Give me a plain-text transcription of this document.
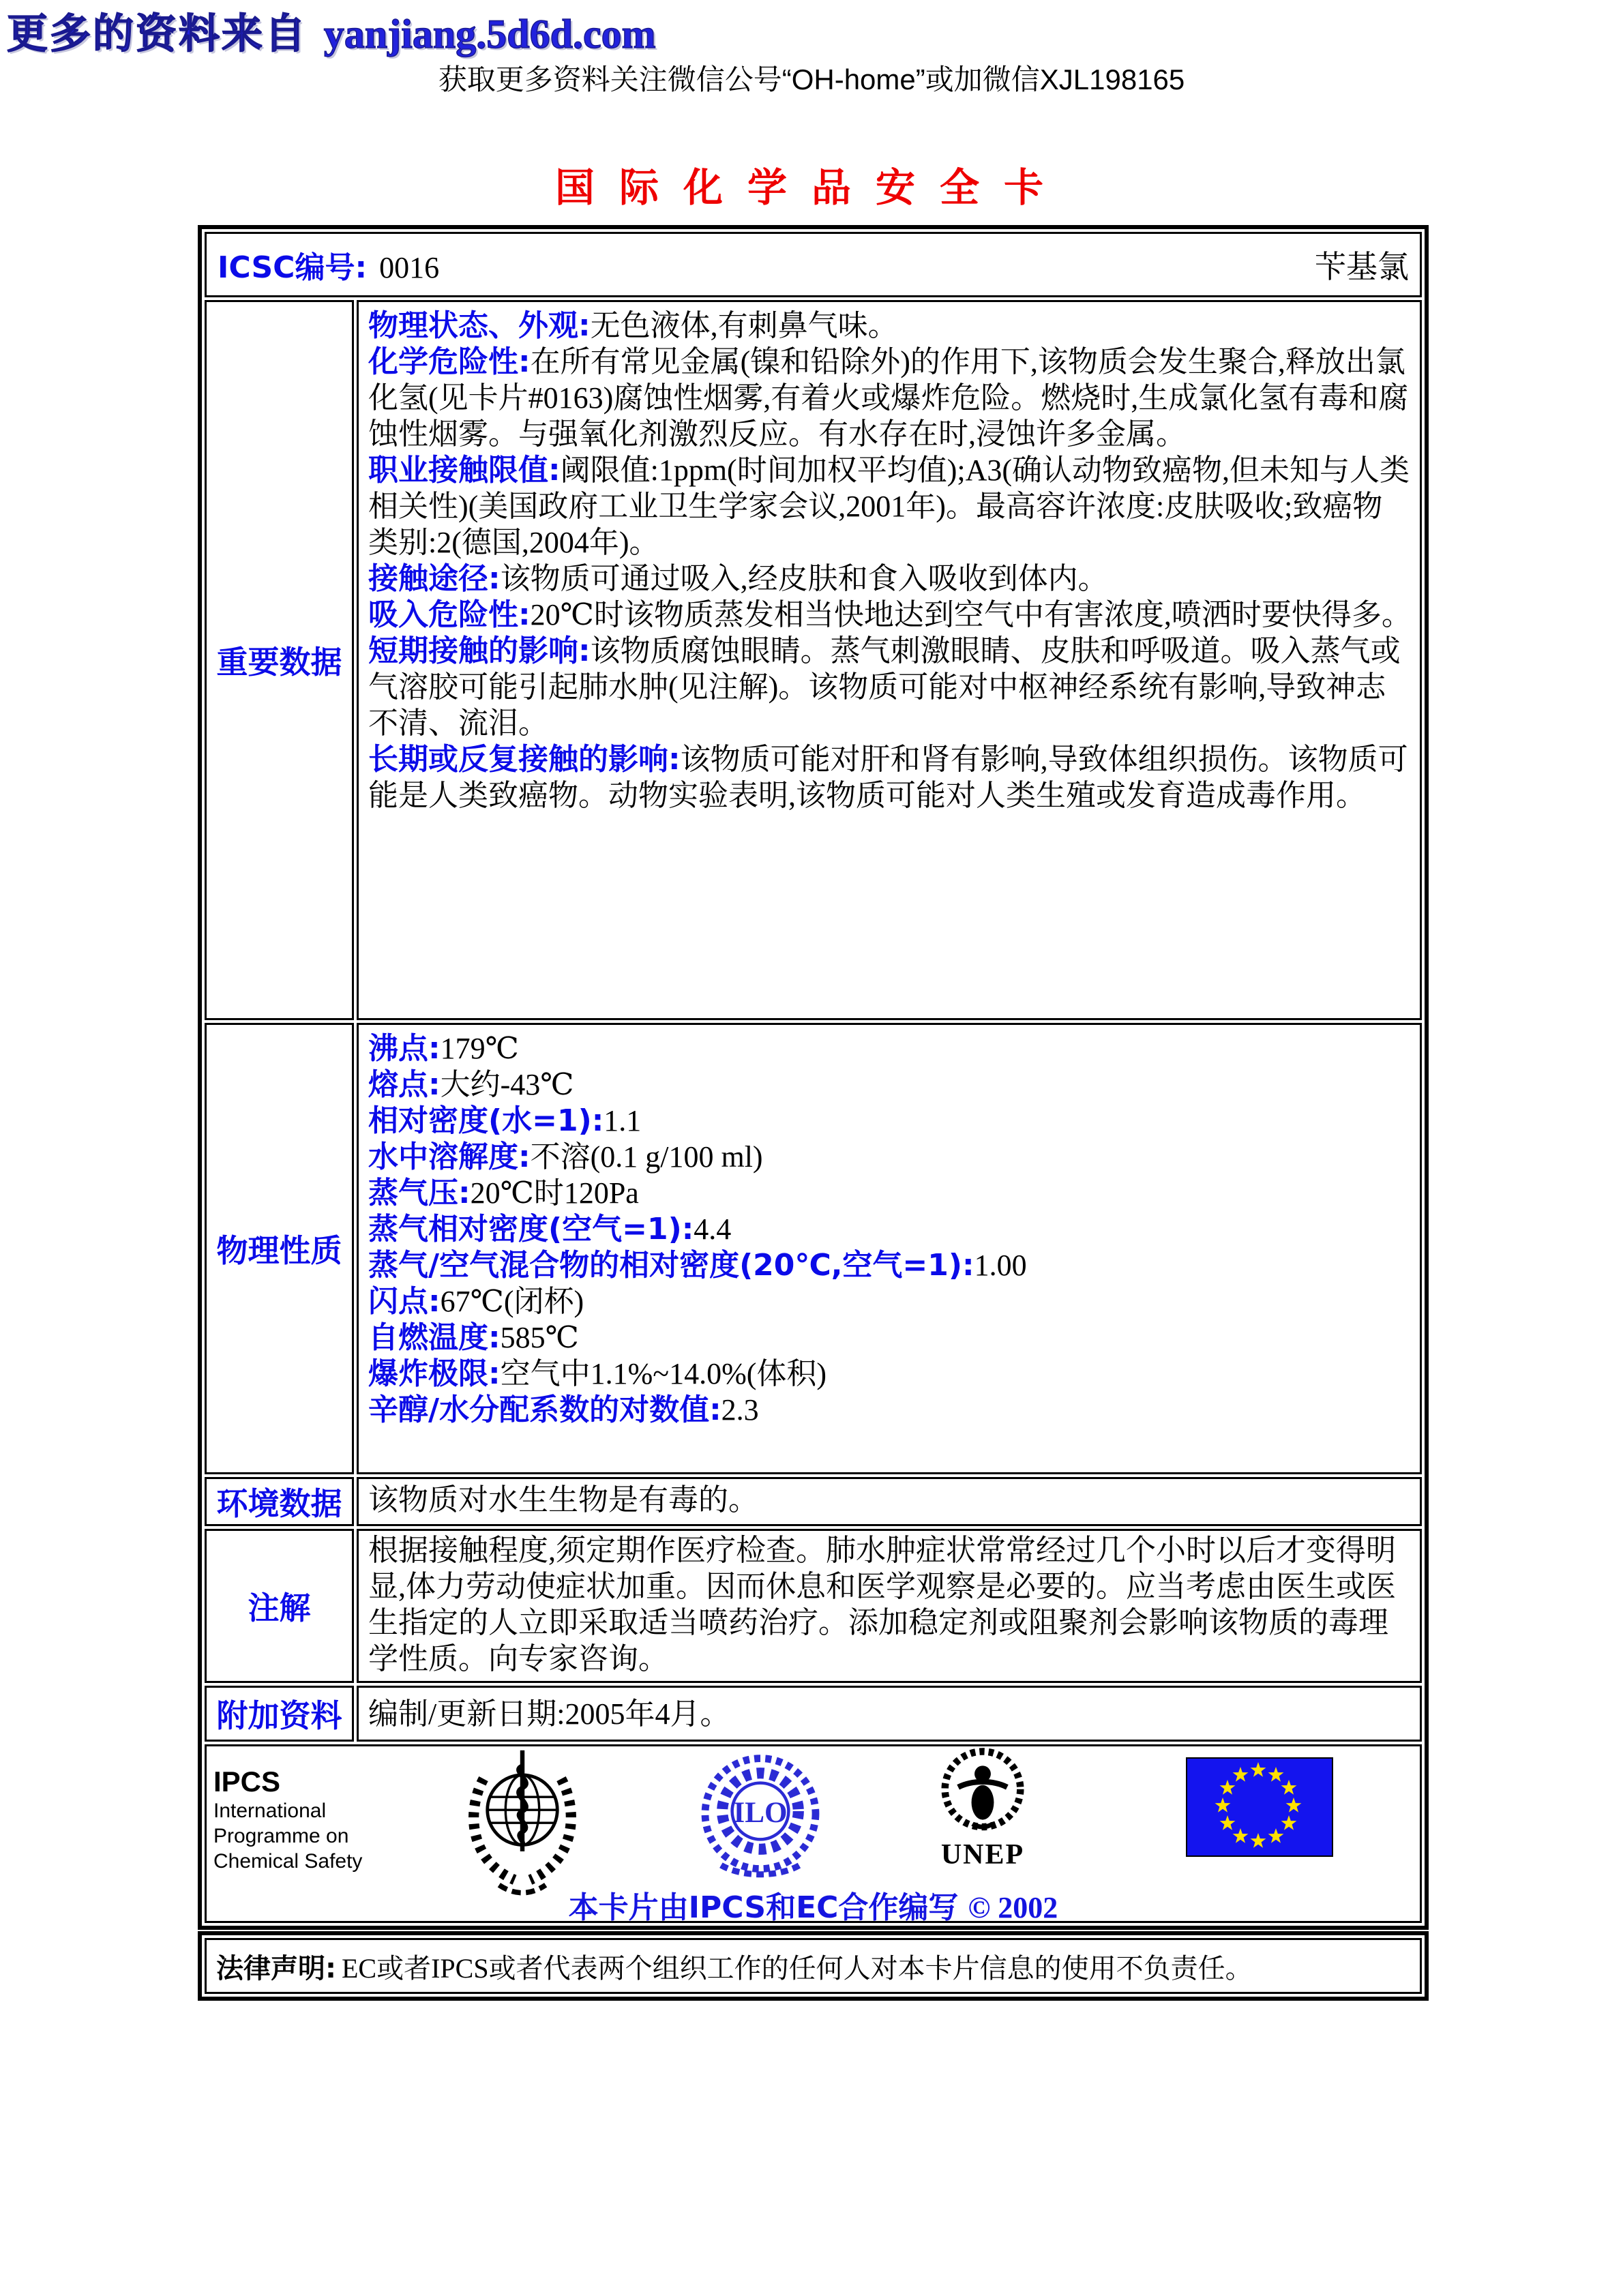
更多的资料来自 yanjiang.5d6d.com
获取更多资料关注微信公号“OH-home”或加微信XJL198165
国际化学品安全卡
ICSC编号: 0016	苄基氯
重要数据

物理状态、外观:无色液体,有刺鼻气味。

化学危险性:在所有常见金属(镍和铅除外)的作用下,该物质会发生聚合,释放出氯化氢(见卡片#0163)腐蚀性烟雾,有着火或爆炸危险。燃烧时,生成氯化氢有毒和腐蚀性烟雾。与强氧化剂激烈反应。有水存在时,浸蚀许多金属。

职业接触限值:阈限值:1ppm(时间加权平均值);A3(确认动物致癌物,但未知与人类相关性)(美国政府工业卫生学家会议,2001年)。最高容许浓度:皮肤吸收;致癌物类别:2(德国,2004年)。

接触途径:该物质可通过吸入,经皮肤和食入吸收到体内。

吸入危险性:20℃时该物质蒸发相当快地达到空气中有害浓度,喷洒时要快得多。

短期接触的影响:该物质腐蚀眼睛。蒸气刺激眼睛、皮肤和呼吸道。吸入蒸气或气溶胶可能引起肺水肿(见注解)。该物质可能对中枢神经系统有影响,导致神志不清、流泪。

长期或反复接触的影响:该物质可能对肝和肾有影响,导致体组织损伤。该物质可能是人类致癌物。动物实验表明,该物质可能对人类生殖或发育造成毒作用。

物理性质

沸点:179℃

熔点:大约-43℃

相对密度(水=1):1.1

水中溶解度:不溶(0.1 g/100 ml)

蒸气压:20℃时120Pa

蒸气相对密度(空气=1):4.4

蒸气/空气混合物的相对密度(20℃,空气=1):1.00

闪点:67℃(闭杯)

自燃温度:585℃

爆炸极限:空气中1.1%~14.0%(体积)

辛醇/水分配系数的对数值:2.3

环境数据 该物质对水生生物是有毒的。
注解
根据接触程度,须定期作医疗检查。肺水肿症状常常经过几个小时以后才变得明显,体力劳动使症状加重。因而休息和医学观察是必要的。应当考虑由医生或医生指定的人立即采取适当喷药治疗。添加稳定剂或阻聚剂会影响该物质的毒理学性质。向专家咨询。
附加资料 编制/更新日期:2005年4月。
IPCS
International
Programme on
Chemical Safety
ILO
UNEP
本卡片由IPCS和EC合作编写 © 2002
法律声明: EC或者IPCS或者代表两个组织工作的任何人对本卡片信息的使用不负责任。
